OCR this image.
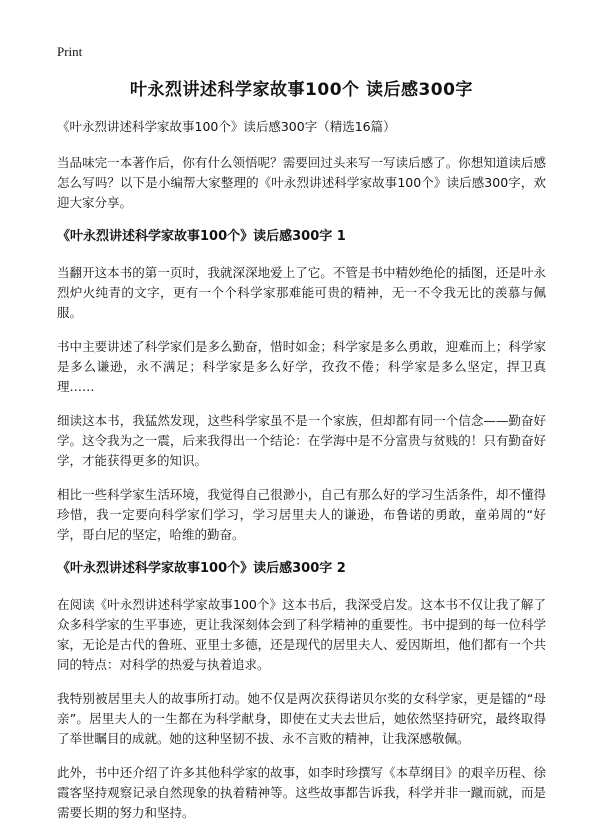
Print
叶永烈讲述科学家故事100个 读后感300字
《叶永烈讲述科学家故事100个》读后感300字（精选16篇）

当品味完一本著作后，你有什么领悟呢？需要回过头来写一写读后感了。你想知道读后感怎么写吗？以下是小编帮大家整理的《叶永烈讲述科学家故事100个》读后感300字，欢迎大家分享。

《叶永烈讲述科学家故事100个》读后感300字 1

当翻开这本书的第一页时，我就深深地爱上了它。不管是书中精妙绝伦的插图，还是叶永烈炉火纯青的文字，更有一个个科学家那难能可贵的精神，无一不令我无比的羡慕与佩服。

书中主要讲述了科学家们是多么勤奋，惜时如金；科学家是多么勇敢，迎难而上；科学家是多么谦逊，永不满足；科学家是多么好学，孜孜不倦；科学家是多么坚定，捍卫真理……

细读这本书，我猛然发现，这些科学家虽不是一个家族，但却都有同一个信念——勤奋好学。这令我为之一震，后来我得出一个结论：在学海中是不分富贵与贫贱的！只有勤奋好学，才能获得更多的知识。

相比一些科学家生活环境，我觉得自己很渺小，自己有那么好的学习生活条件，却不懂得珍惜，我一定要向科学家们学习，学习居里夫人的谦逊，布鲁诺的勇敢，童弟周的“好学，哥白尼的坚定，哈维的勤奋。

《叶永烈讲述科学家故事100个》读后感300字 2

在阅读《叶永烈讲述科学家故事100个》这本书后，我深受启发。这本书不仅让我了解了众多科学家的生平事迹，更让我深刻体会到了科学精神的重要性。书中提到的每一位科学家，无论是古代的鲁班、亚里士多德，还是现代的居里夫人、爱因斯坦，他们都有一个共同的特点：对科学的热爱与执着追求。

我特别被居里夫人的故事所打动。她不仅是两次获得诺贝尔奖的女科学家，更是镭的“母亲”。居里夫人的一生都在为科学献身，即使在丈夫去世后，她依然坚持研究，最终取得了举世瞩目的成就。她的这种坚韧不拔、永不言败的精神，让我深感敬佩。

此外，书中还介绍了许多其他科学家的故事，如李时珍撰写《本草纲目》的艰辛历程、徐霞客坚持观察记录自然现象的执着精神等。这些故事都告诉我，科学并非一蹴而就，而是需要长期的努力和坚持。
